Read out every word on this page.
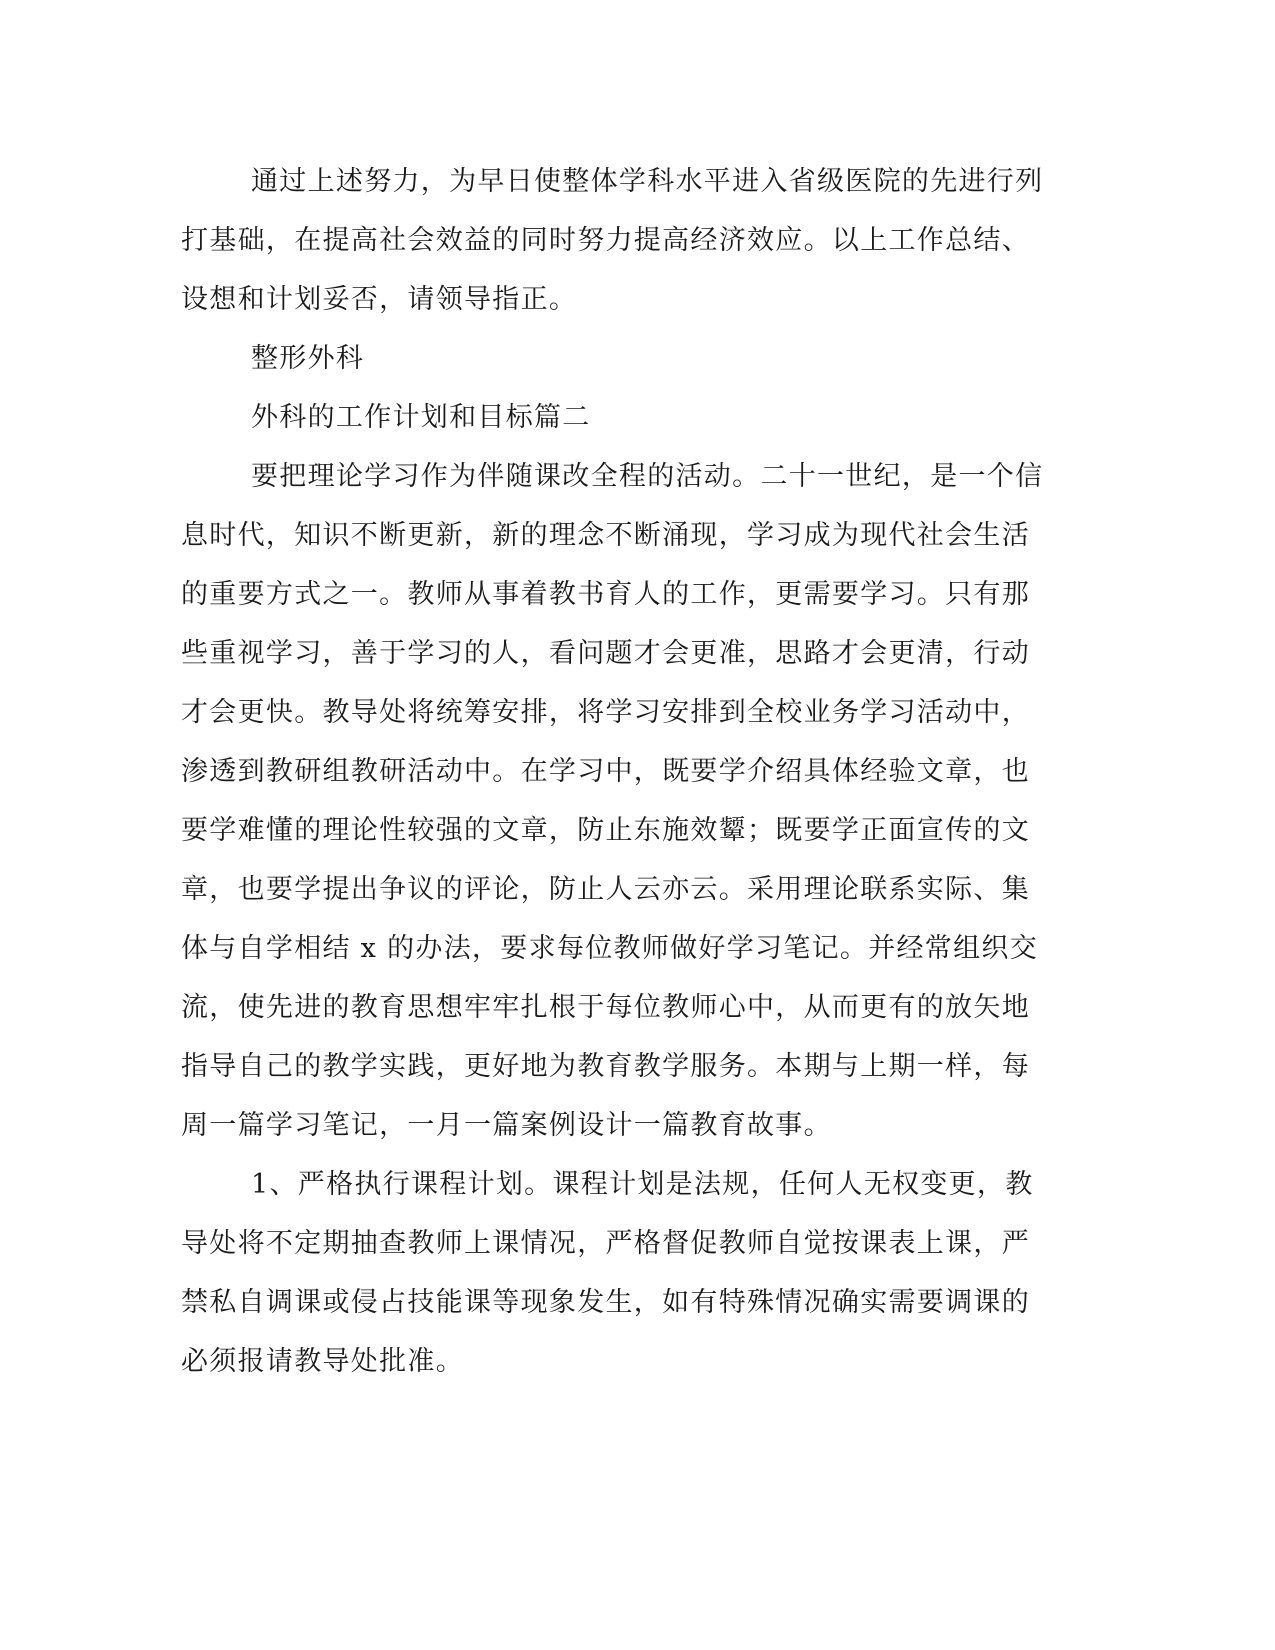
通过上述努力，为早日使整体学科水平进入省级医院的先进行列
打基础，在提高社会效益的同时努力提高经济效应。以上工作总结、
设想和计划妥否，请领导指正。
整形外科
外科的工作计划和目标篇二
要把理论学习作为伴随课改全程的活动。二十一世纪，是一个信
息时代，知识不断更新，新的理念不断涌现，学习成为现代社会生活
的重要方式之一。教师从事着教书育人的工作，更需要学习。只有那
些重视学习，善于学习的人，看问题才会更准，思路才会更清，行动
才会更快。教导处将统筹安排，将学习安排到全校业务学习活动中，
渗透到教研组教研活动中。在学习中，既要学介绍具体经验文章，也
要学难懂的理论性较强的文章，防止东施效颦；既要学正面宣传的文
章，也要学提出争议的评论，防止人云亦云。采用理论联系实际、集
体与自学相结 x 的办法，要求每位教师做好学习笔记。并经常组织交
流，使先进的教育思想牢牢扎根于每位教师心中，从而更有的放矢地
指导自己的教学实践，更好地为教育教学服务。本期与上期一样，每
周一篇学习笔记，一月一篇案例设计一篇教育故事。
1、严格执行课程计划。课程计划是法规，任何人无权变更，教
导处将不定期抽查教师上课情况，严格督促教师自觉按课表上课，严
禁私自调课或侵占技能课等现象发生，如有特殊情况确实需要调课的
必须报请教导处批准。
